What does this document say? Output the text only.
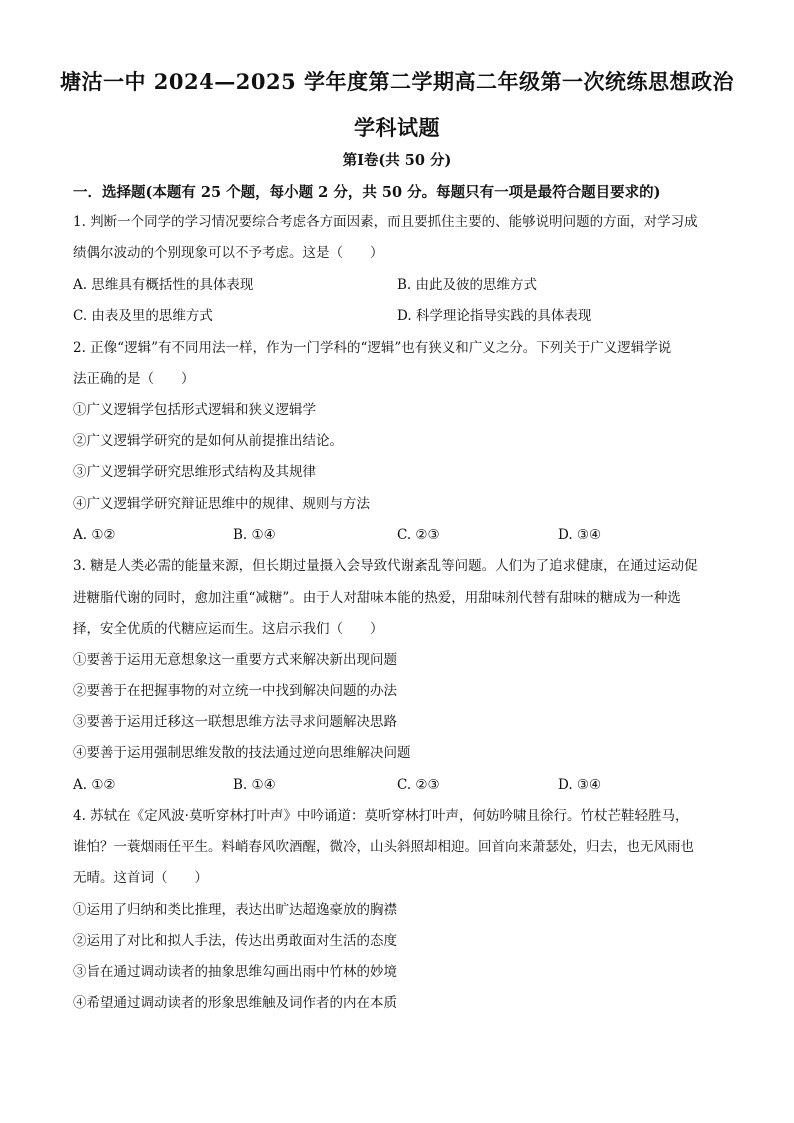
塘沽一中 2024—2025 学年度第二学期高二年级第一次统练思想政治
学科试题
第Ⅰ卷(共 50 分)
一．选择题(本题有 25 个题，每小题 2 分，共 50 分。每题只有一项是最符合题目要求的)
1. 判断一个同学的学习情况要综合考虑各方面因素，而且要抓住主要的、能够说明问题的方面，对学习成
绩偶尔波动的个别现象可以不予考虑。这是（　　）
A. 思维具有概括性的具体表现	B. 由此及彼的思维方式
C. 由表及里的思维方式	D. 科学理论指导实践的具体表现
2. 正像“逻辑”有不同用法一样，作为一门学科的“逻辑”也有狭义和广义之分。下列关于广义逻辑学说
法正确的是（　　）
①广义逻辑学包括形式逻辑和狭义逻辑学
②广义逻辑学研究的是如何从前提推出结论。
③广义逻辑学研究思维形式结构及其规律
④广义逻辑学研究辩证思维中的规律、规则与方法
A. ①②	B. ①④	C. ②③	D. ③④
3. 糖是人类必需的能量来源，但长期过量摄入会导致代谢紊乱等问题。人们为了追求健康，在通过运动促
进糖脂代谢的同时，愈加注重“减糖”。由于人对甜味本能的热爱，用甜味剂代替有甜味的糖成为一种选
择，安全优质的代糖应运而生。这启示我们（　　）
①要善于运用无意想象这一重要方式来解决新出现问题
②要善于在把握事物的对立统一中找到解决问题的办法
③要善于运用迁移这一联想思维方法寻求问题解决思路
④要善于运用强制思维发散的技法通过逆向思维解决问题
A. ①②	B. ①④	C. ②③	D. ③④
4. 苏轼在《定风波·莫听穿林打叶声》中吟诵道：莫听穿林打叶声，何妨吟啸且徐行。竹杖芒鞋轻胜马，
谁怕？一蓑烟雨任平生。料峭春风吹酒醒，微冷，山头斜照却相迎。回首向来萧瑟处，归去，也无风雨也
无晴。这首词（　　）
①运用了归纳和类比推理，表达出旷达超逸豪放的胸襟
②运用了对比和拟人手法，传达出勇敢面对生活的态度
③旨在通过调动读者的抽象思维勾画出雨中竹林的妙境
④希望通过调动读者的形象思维触及词作者的内在本质
